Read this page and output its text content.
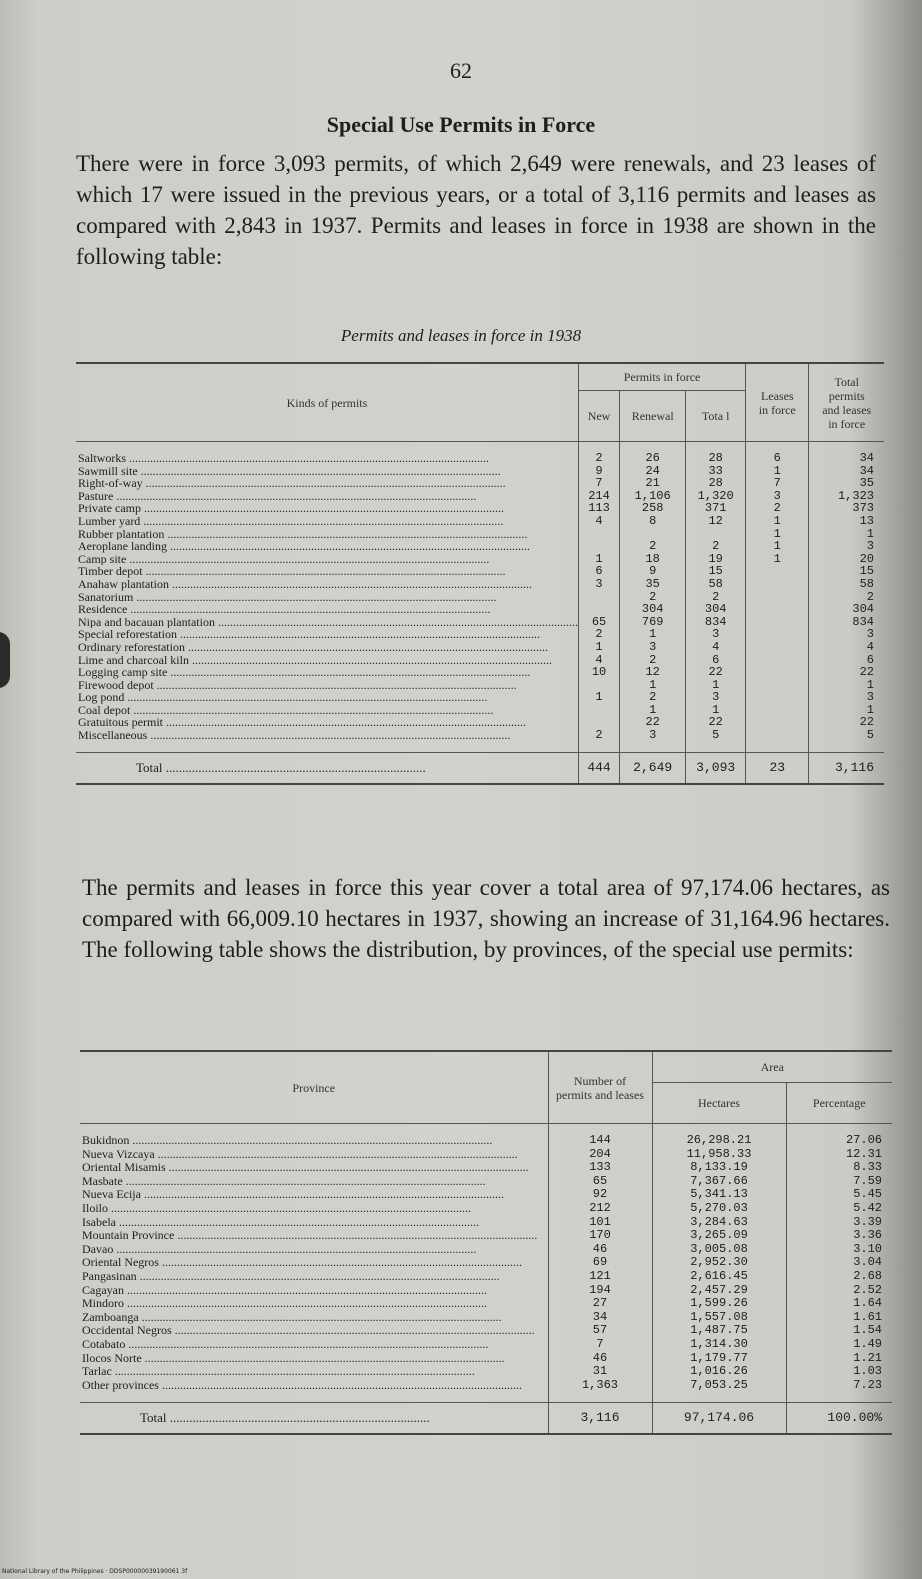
62
Special Use Permits in Force

There were in force 3,093 permits, of which 2,649 were renewals, and 23 leases of which 17 were issued in the previous years, or a total of 3,116 permits and leases as compared with 2,843 in 1937. Permits and leases in force in 1938 are shown in the following table:

Permits and leases in force in 1938
Kinds of permits	Permits in force			Leases in force	Total permits and leases in force
	New	Renewal	Tota l		

Saltworks ........................................................................................................................	2	26	28	6	34
Sawmill site ........................................................................................................................	9	24	33	1	34
Right-of-way ........................................................................................................................	7	21	28	7	35
Pasture ........................................................................................................................	214	1,106	1,320	3	1,323
Private camp ........................................................................................................................	113	258	371	2	373
Lumber yard ........................................................................................................................	4	8	12	1	13
Rubber plantation ........................................................................................................................				1	1
Aeroplane landing ........................................................................................................................		2	2	1	3
Camp site ........................................................................................................................	1	18	19	1	20
Timber depot ........................................................................................................................	6	9	15		15
Anahaw plantation ........................................................................................................................	3	35	58		58
Sanatorium ........................................................................................................................		2	2		2
Residence ........................................................................................................................		304	304		304
Nipa and bacauan plantation ........................................................................................................................	65	769	834		834
Special reforestation ........................................................................................................................	2	1	3		3
Ordinary reforestation ........................................................................................................................	1	3	4		4
Lime and charcoal kiln ........................................................................................................................	4	2	6		6
Logging camp site ........................................................................................................................	10	12	22		22
Firewood depot ........................................................................................................................		1	1		1
Log pond ........................................................................................................................	1	2	3		3
Coal depot ........................................................................................................................		1	1		1
Gratuitous permit ........................................................................................................................		22	22		22
Miscellaneous ........................................................................................................................	2	3	5		5

Total ................................................................................	444	2,649	3,093	23	3,116

The permits and leases in force this year cover a total area of 97,174.06 hectares, as compared with 66,009.10 hectares in 1937, showing an increase of 31,164.96 hectares. The following table shows the distribution, by provinces, of the special use permits:

Province	Number of permits and leases	Area	
		Hectares	Percentage

Bukidnon ........................................................................................................................	144	26,298.21	27.06
Nueva Vizcaya ........................................................................................................................	204	11,958.33	12.31
Oriental Misamis ........................................................................................................................	133	8,133.19	8.33
Masbate ........................................................................................................................	65	7,367.66	7.59
Nueva Ecija ........................................................................................................................	92	5,341.13	5.45
Iloilo ........................................................................................................................	212	5,270.03	5.42
Isabela ........................................................................................................................	101	3,284.63	3.39
Mountain Province ........................................................................................................................	170	3,265.09	3.36
Davao ........................................................................................................................	46	3,005.08	3.10
Oriental Negros ........................................................................................................................	69	2,952.30	3.04
Pangasinan ........................................................................................................................	121	2,616.45	2.68
Cagayan ........................................................................................................................	194	2,457.29	2.52
Mindoro ........................................................................................................................	27	1,599.26	1.64
Zamboanga ........................................................................................................................	34	1,557.08	1.61
Occidental Negros ........................................................................................................................	57	1,487.75	1.54
Cotabato ........................................................................................................................	7	1,314.30	1.49
Ilocos Norte ........................................................................................................................	46	1,179.77	1.21
Tarlac ........................................................................................................................	31	1,016.26	1.03
Other provinces ........................................................................................................................	1,363	7,053.25	7.23

Total ................................................................................	3,116	97,174.06	100.00%
National Library of the Philippines · DDSP00000039190061 3f
